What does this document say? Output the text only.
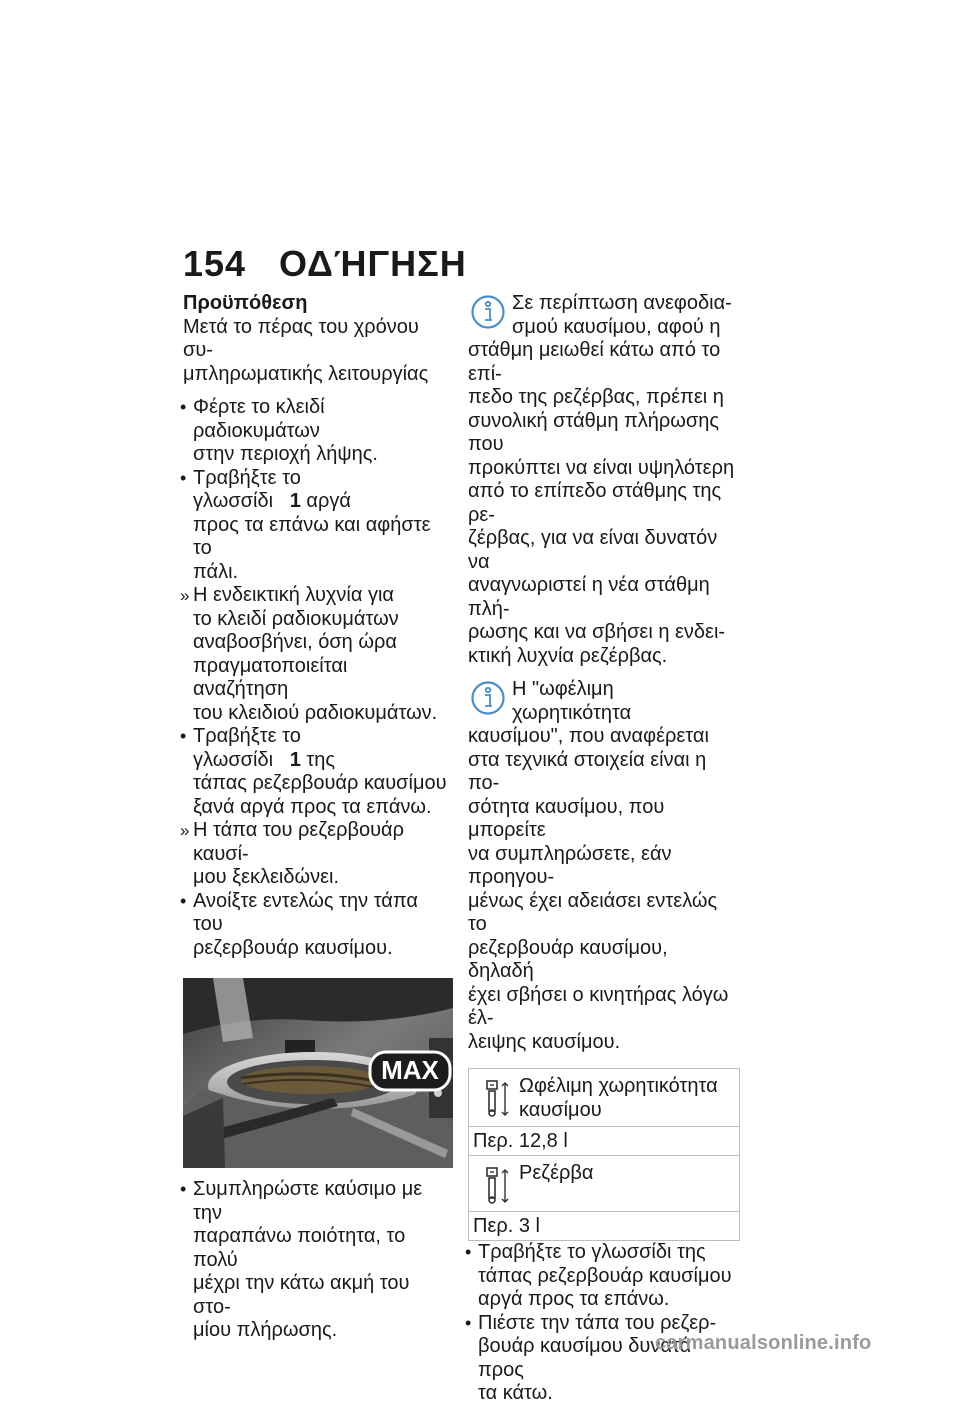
154 ΟΔΉΓΗΣΗ

Προϋπόθεση

Μετά το πέρας του χρόνου συ-

μπληρωματικής λειτουργίας

• Φέρτε το κλειδί ραδιοκυμάτων

στην περιοχή λήψης.

• Τραβήξτε το γλωσσίδι 1 αργά

προς τα επάνω και αφήστε το

πάλι.

» Η ενδεικτική λυχνία για

το κλειδί ραδιοκυμάτων

αναβοσβήνει, όση ώρα

πραγματοποιείται αναζήτηση

του κλειδιού ραδιοκυμάτων.

• Τραβήξτε το γλωσσίδι 1 της

τάπας ρεζερβουάρ καυσίμου

ξανά αργά προς τα επάνω.

» Η τάπα του ρεζερβουάρ καυσί-

μου ξεκλειδώνει.

• Ανοίξτε εντελώς την τάπα του

ρεζερβουάρ καυσίμου.

MAX
• Συμπληρώστε καύσιμο με την

παραπάνω ποιότητα, το πολύ

μέχρι την κάτω ακμή του στο-

μίου πλήρωσης.

Σε περίπτωση ανεφοδια-

σμού καυσίμου, αφού η

στάθμη μειωθεί κάτω από το επί-

πεδο της ρεζέρβας, πρέπει η

συνολική στάθμη πλήρωσης που

προκύπτει να είναι υψηλότερη

από το επίπεδο στάθμης της ρε-

ζέρβας, για να είναι δυνατόν να

αναγνωριστεί η νέα στάθμη πλή-

ρωσης και να σβήσει η ενδει-

κτική λυχνία ρεζέρβας.

Η "ωφέλιμη χωρητικότητα

καυσίμου", που αναφέρεται

στα τεχνικά στοιχεία είναι η πο-

σότητα καυσίμου, που μπορείτε

να συμπληρώσετε, εάν προηγου-

μένως έχει αδειάσει εντελώς το

ρεζερβουάρ καυσίμου, δηλαδή

έχει σβήσει ο κινητήρας λόγω έλ-

λειψης καυσίμου.

Ωφέλιμη χωρητικότητα

καυσίμου

Περ. 12,8 l

Ρεζέρβα

Περ. 3 l
• Τραβήξτε το γλωσσίδι της

τάπας ρεζερβουάρ καυσίμου

αργά προς τα επάνω.

• Πιέστε την τάπα του ρεζερ-

βουάρ καυσίμου δυνατά προς

τα κάτω.

carmanualsonline.info
